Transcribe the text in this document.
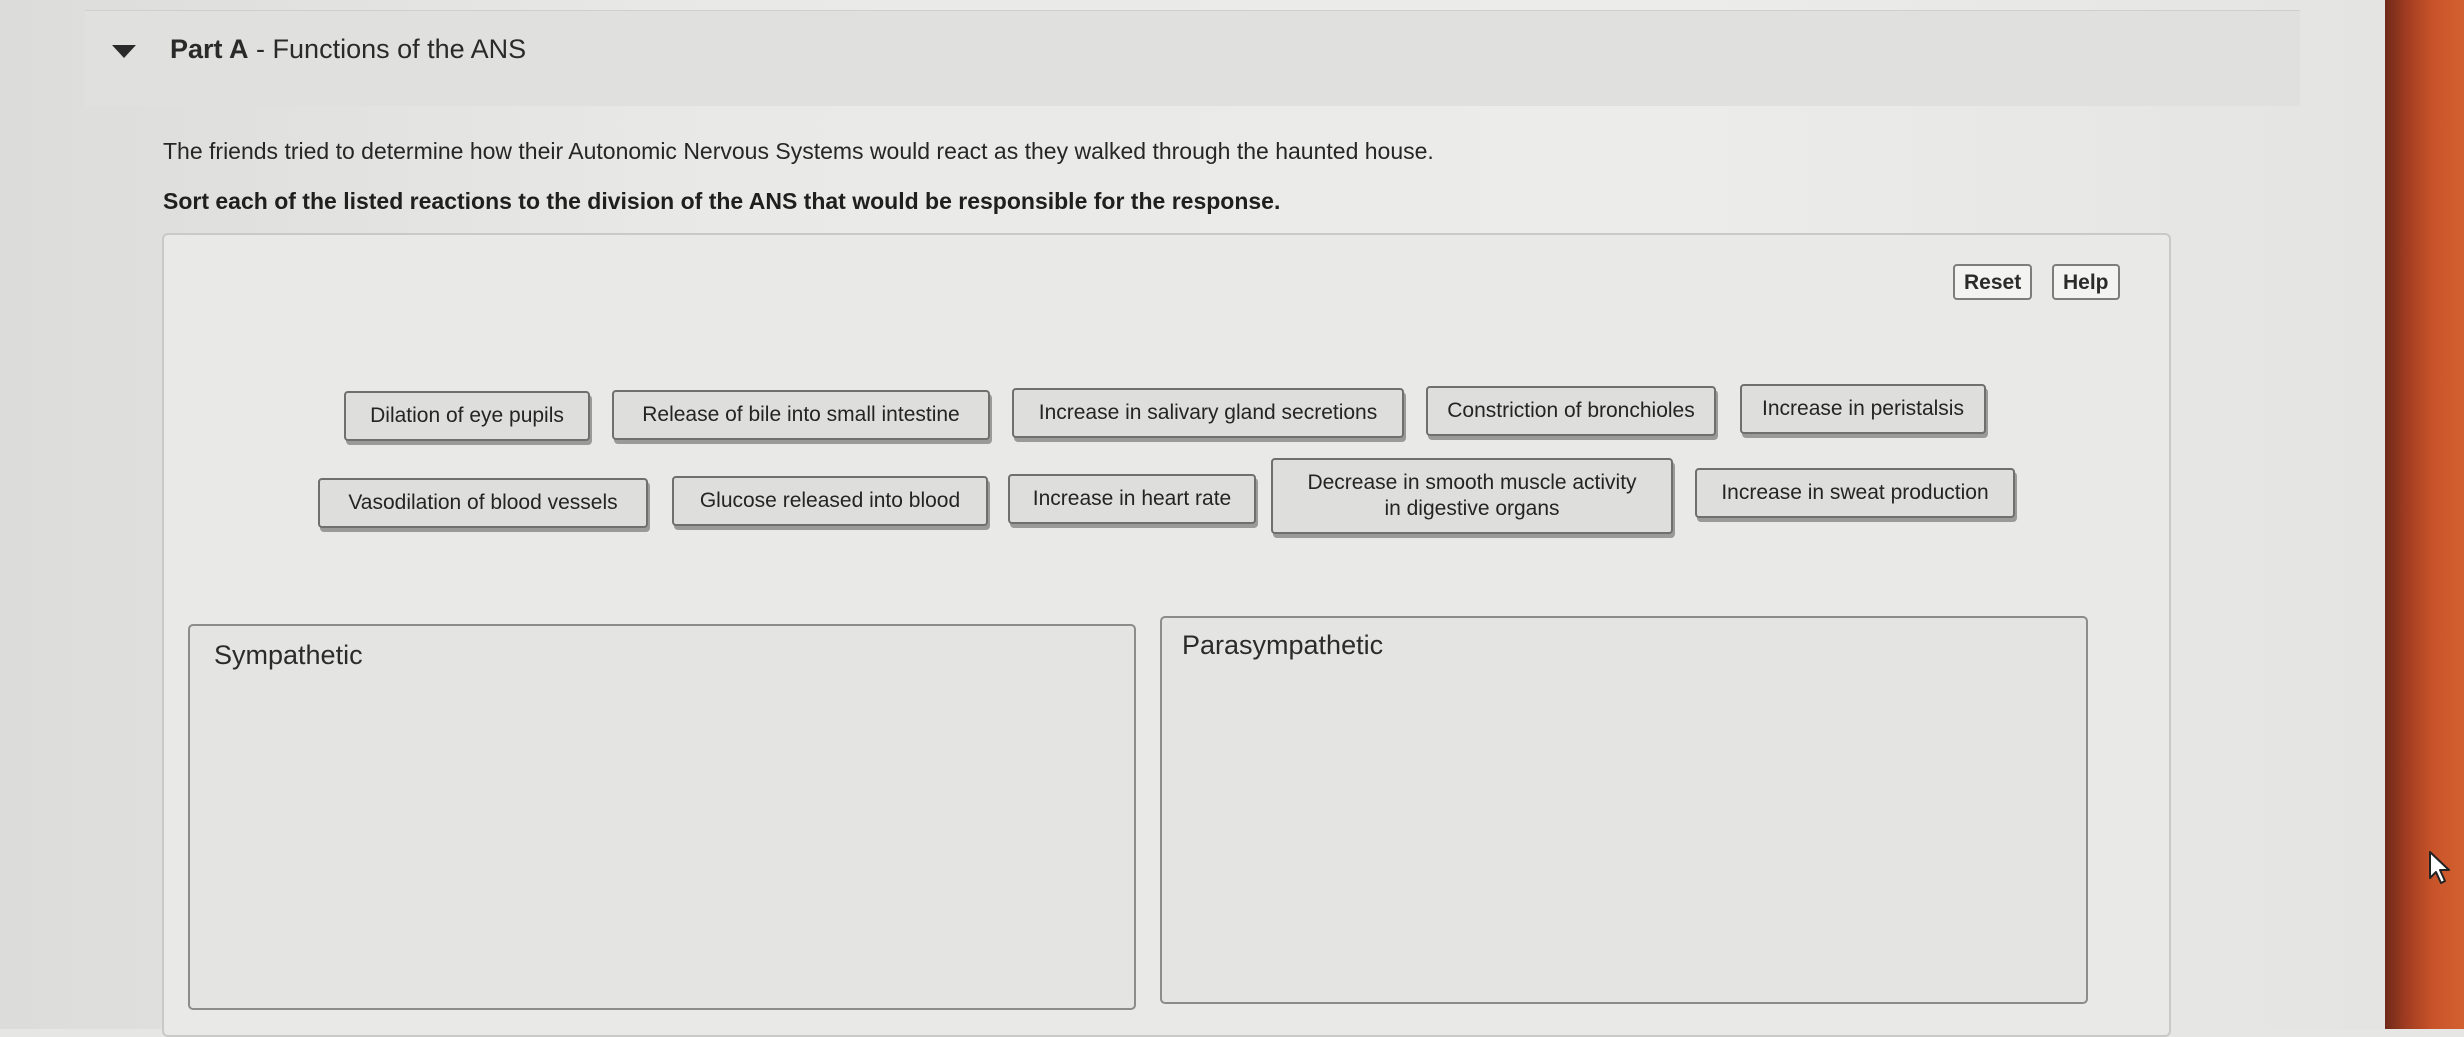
Part A - Functions of the ANS
The friends tried to determine how their Autonomic Nervous Systems would react as they walked through the haunted house.
Sort each of the listed reactions to the division of the ANS that would be responsible for the response.
Reset	Help
Dilation of eye pupils	Release of bile into small intestine	Increase in salivary gland secretions	Constriction of bronchioles	Increase in peristalsis
Vasodilation of blood vessels	Glucose released into blood	Increase in heart rate
Decrease in smooth muscle activity
in digestive organs
Increase in sweat production
Sympathetic	Parasympathetic
